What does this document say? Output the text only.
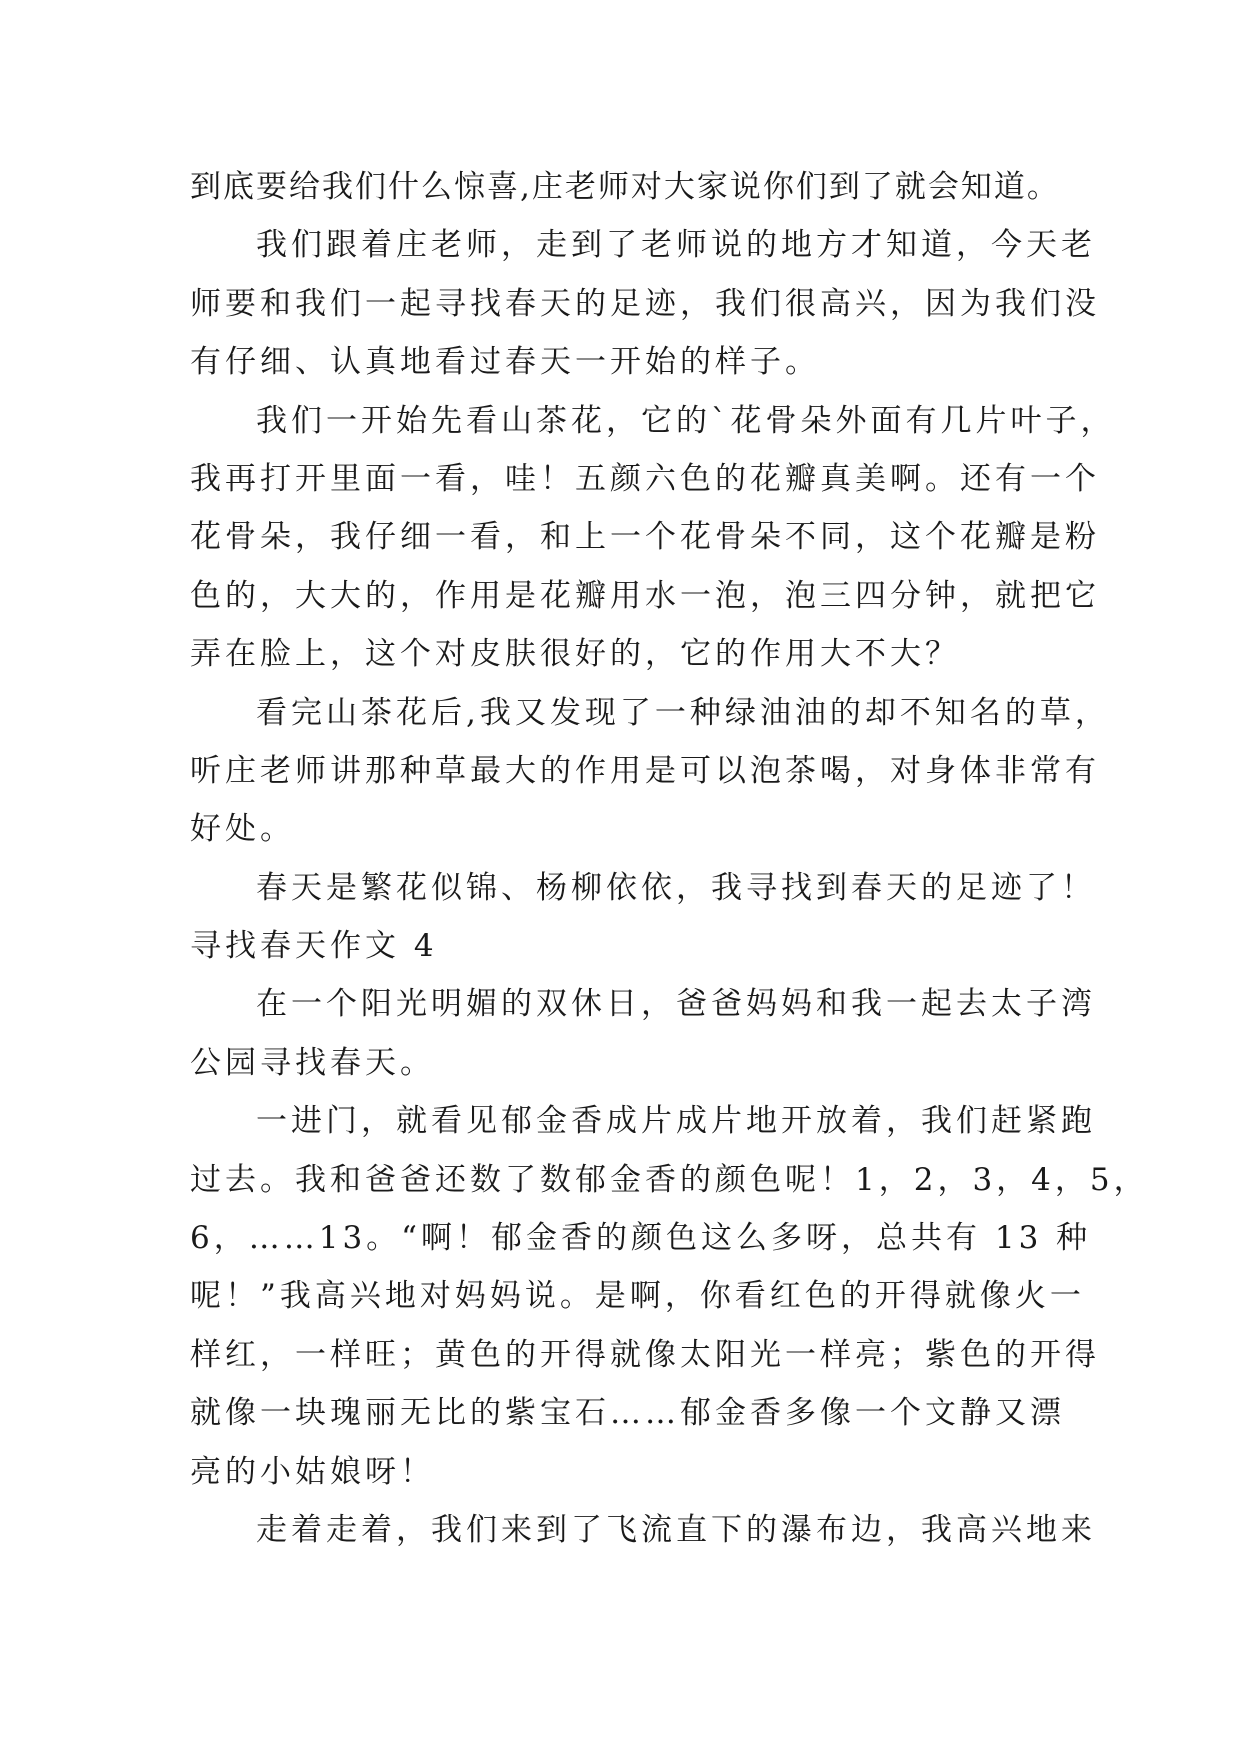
到底要给我们什么惊喜,庄老师对大家说你们到了就会知道。
我们跟着庄老师，走到了老师说的地方才知道，今天老
师要和我们一起寻找春天的足迹，我们很高兴，因为我们没
有仔细、认真地看过春天一开始的样子。
我们一开始先看山茶花，它的`花骨朵外面有几片叶子，
我再打开里面一看，哇！五颜六色的花瓣真美啊。还有一个
花骨朵，我仔细一看，和上一个花骨朵不同，这个花瓣是粉
色的，大大的，作用是花瓣用水一泡，泡三四分钟，就把它
弄在脸上，这个对皮肤很好的，它的作用大不大？
看完山茶花后,我又发现了一种绿油油的却不知名的草，
听庄老师讲那种草最大的作用是可以泡茶喝，对身体非常有
好处。
春天是繁花似锦、杨柳依依，我寻找到春天的足迹了！
寻找春天作文 4
在一个阳光明媚的双休日，爸爸妈妈和我一起去太子湾
公园寻找春天。
一进门，就看见郁金香成片成片地开放着，我们赶紧跑
过去。我和爸爸还数了数郁金香的颜色呢！1，2，3，4，5，
6，……13。“啊！郁金香的颜色这么多呀，总共有 13 种
呢！”我高兴地对妈妈说。是啊，你看红色的开得就像火一
样红，一样旺；黄色的开得就像太阳光一样亮；紫色的开得
就像一块瑰丽无比的紫宝石……郁金香多像一个文静又漂
亮的小姑娘呀！
走着走着，我们来到了飞流直下的瀑布边，我高兴地来
